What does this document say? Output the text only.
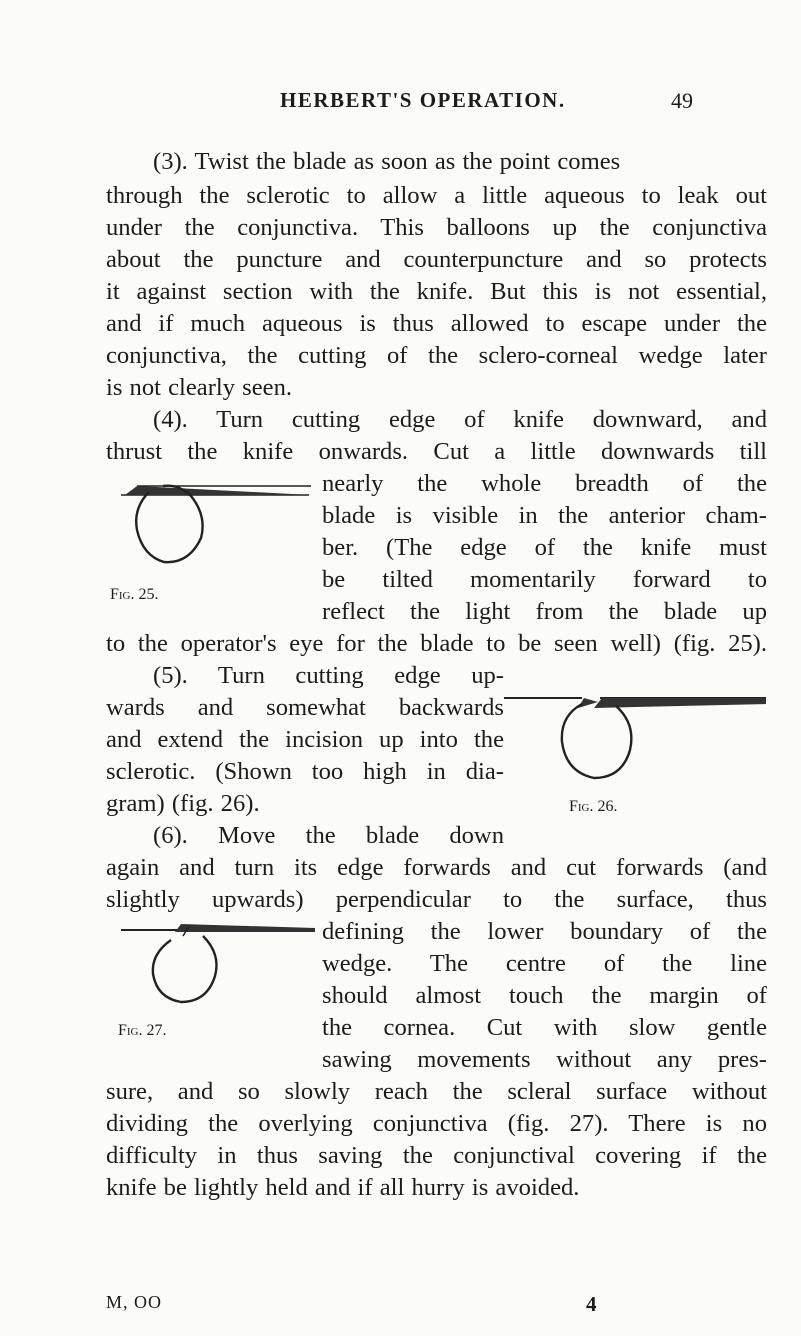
HERBERT'S OPERATION.	49
(3). Twist the blade as soon as the point comes
through the sclerotic to allow a little aqueous to leak out
under the conjunctiva. This balloons up the conjunctiva
about the puncture and counterpuncture and so protects
it against section with the knife. But this is not essential,
and if much aqueous is thus allowed to escape under the
conjunctiva, the cutting of the sclero-corneal wedge later
is not clearly seen.
(4). Turn cutting edge of knife downward, and
thrust the knife onwards. Cut a little downwards till
Fig. 25.
nearly the whole breadth of the
blade is visible in the anterior cham-
ber. (The edge of the knife must
be tilted momentarily forward to
reflect the light from the blade up
to the operator's eye for the blade to be seen well) (fig. 25).
(5). Turn cutting edge up-
wards and somewhat backwards
and extend the incision up into the
sclerotic. (Shown too high in dia-
gram) (fig. 26).	Fig. 26.
(6). Move the blade down
again and turn its edge forwards and cut forwards (and
slightly upwards) perpendicular to the surface, thus
Fig. 27.
defining the lower boundary of the
wedge. The centre of the line
should almost touch the margin of
the cornea. Cut with slow gentle
sawing movements without any pres-
sure, and so slowly reach the scleral surface without
dividing the overlying conjunctiva (fig. 27). There is no
difficulty in thus saving the conjunctival covering if the
knife be lightly held and if all hurry is avoided.
M, OO	4
